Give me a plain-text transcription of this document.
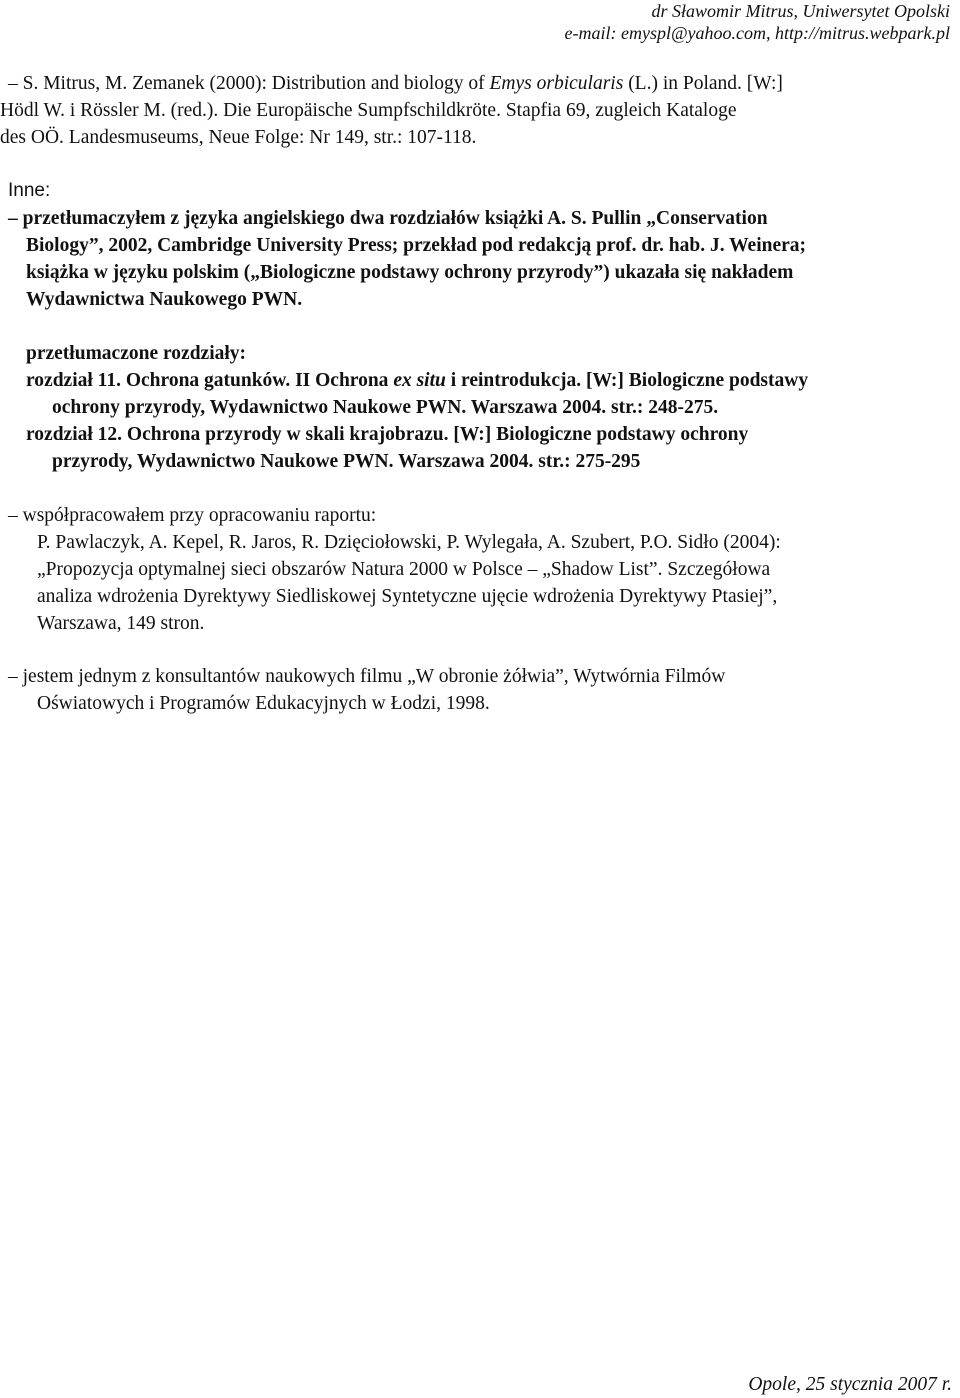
dr Sławomir Mitrus, Uniwersytet Opolski
e-mail: emyspl@yahoo.com, http://mitrus.webpark.pl
– S. Mitrus, M. Zemanek (2000): Distribution and biology of Emys orbicularis (L.) in Poland. [W:]
Hödl W. i Rössler M. (red.). Die Europäische Sumpfschildkröte. Stapfia 69, zugleich Kataloge
des OÖ. Landesmuseums, Neue Folge: Nr 149, str.: 107-118.
Inne:
– przetłumaczyłem z języka angielskiego dwa rozdziałów książki A. S. Pullin „Conservation
Biology”, 2002, Cambridge University Press; przekład pod redakcją prof. dr. hab. J. Weinera;
książka w języku polskim („Biologiczne podstawy ochrony przyrody”) ukazała się nakładem
Wydawnictwa Naukowego PWN.
przetłumaczone rozdziały:
rozdział 11. Ochrona gatunków. II Ochrona ex situ i reintrodukcja. [W:] Biologiczne podstawy
ochrony przyrody, Wydawnictwo Naukowe PWN. Warszawa 2004. str.: 248-275.
rozdział 12. Ochrona przyrody w skali krajobrazu. [W:] Biologiczne podstawy ochrony
przyrody, Wydawnictwo Naukowe PWN. Warszawa 2004. str.: 275-295
– współpracowałem przy opracowaniu raportu:
P. Pawlaczyk, A. Kepel, R. Jaros, R. Dzięciołowski, P. Wylegała, A. Szubert, P.O. Sidło (2004):
„Propozycja optymalnej sieci obszarów Natura 2000 w Polsce – „Shadow List”. Szczegółowa
analiza wdrożenia Dyrektywy Siedliskowej Syntetyczne ujęcie wdrożenia Dyrektywy Ptasiej”,
Warszawa, 149 stron.
– jestem jednym z konsultantów naukowych filmu „W obronie żółwia”, Wytwórnia Filmów
Oświatowych i Programów Edukacyjnych w Łodzi, 1998.
Opole, 25 stycznia 2007 r.
